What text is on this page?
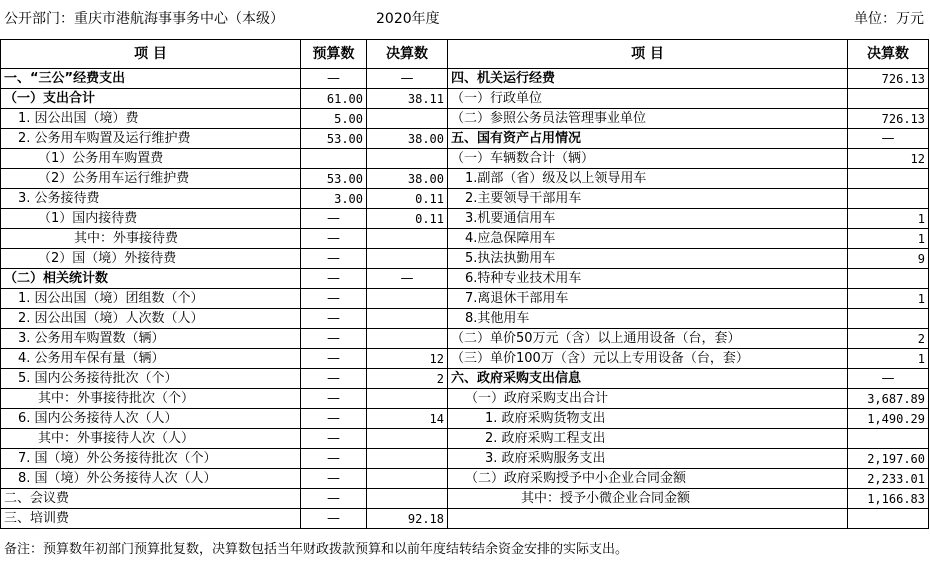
公开部门：重庆市港航海事事务中心（本级）	2020年度	单位：万元
项 目	预算数	决算数	项 目	决算数
一、“三公”经费支出	—	—	四、机关运行经费	726.13
（一）支出合计	61.00	38.11	（一）行政单位	
1. 因公出国（境）费	5.00		（二）参照公务员法管理事业单位	726.13
2. 公务用车购置及运行维护费	53.00	38.00	五、国有资产占用情况	—
（1）公务用车购置费			（一）车辆数合计（辆）	12
（2）公务用车运行维护费	53.00	38.00	1.副部（省）级及以上领导用车	
3. 公务接待费	3.00	0.11	2.主要领导干部用车	
（1）国内接待费	—	0.11	3.机要通信用车	1
其中：外事接待费	—		4.应急保障用车	1
（2）国（境）外接待费	—		5.执法执勤用车	9
（二）相关统计数	—	—	6.特种专业技术用车	
1. 因公出国（境）团组数（个）	—		7.离退休干部用车	1
2. 因公出国（境）人次数（人）	—		8.其他用车	
3. 公务用车购置数（辆）	—		（二）单价50万元（含）以上通用设备（台，套）	2
4. 公务用车保有量（辆）	—	12	（三）单价100万（含）元以上专用设备（台，套）	1
5. 国内公务接待批次（个）	—	2	六、政府采购支出信息	—
其中：外事接待批次（个）	—		（一）政府采购支出合计	3,687.89
6. 国内公务接待人次（人）	—	14	1. 政府采购货物支出	1,490.29
其中：外事接待人次（人）	—		2. 政府采购工程支出	
7. 国（境）外公务接待批次（个）	—		3. 政府采购服务支出	2,197.60
8. 国（境）外公务接待人次（人）	—		（二）政府采购授予中小企业合同金额	2,233.01
二、会议费	—		其中：授予小微企业合同金额	1,166.83
三、培训费	—	92.18		
备注：预算数年初部门预算批复数，决算数包括当年财政拨款预算和以前年度结转结余资金安排的实际支出。
